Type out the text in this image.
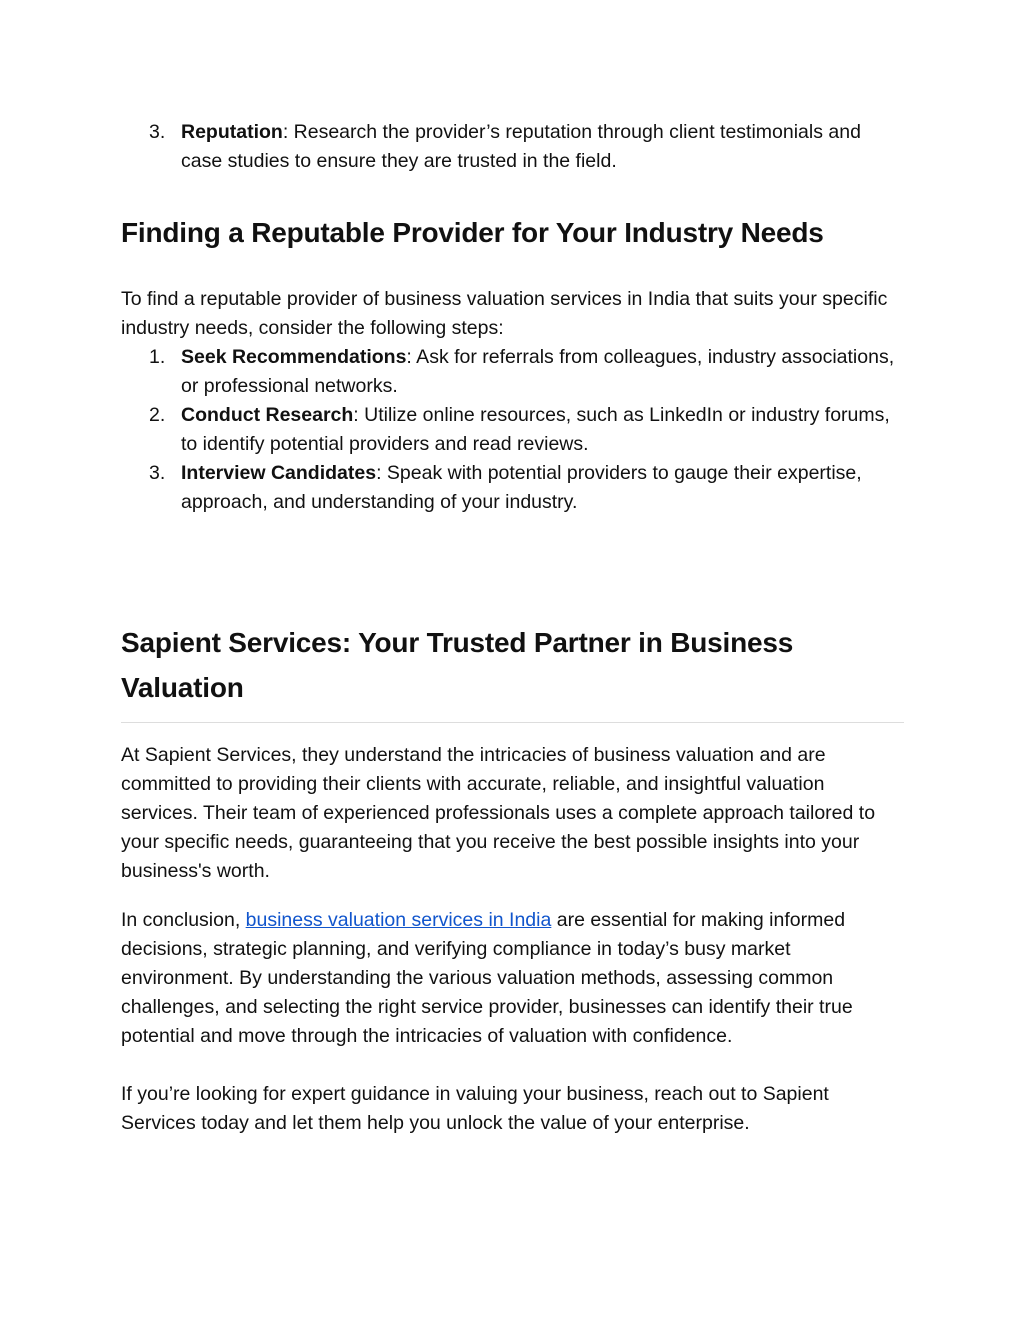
3. Reputation: Research the provider’s reputation through client testimonials and case studies to ensure they are trusted in the field.
Finding a Reputable Provider for Your Industry Needs

To find a reputable provider of business valuation services in India that suits your specific industry needs, consider the following steps:

1. Seek Recommendations: Ask for referrals from colleagues, industry associations, or professional networks.
2. Conduct Research: Utilize online resources, such as LinkedIn or industry forums, to identify potential providers and read reviews.
3. Interview Candidates: Speak with potential providers to gauge their expertise, approach, and understanding of your industry.
Sapient Services: Your Trusted Partner in Business Valuation

At Sapient Services, they understand the intricacies of business valuation and are committed to providing their clients with accurate, reliable, and insightful valuation services. Their team of experienced professionals uses a complete approach tailored to your specific needs, guaranteeing that you receive the best possible insights into your business's worth.

In conclusion, business valuation services in India are essential for making informed decisions, strategic planning, and verifying compliance in today’s busy market environment. By understanding the various valuation methods, assessing common challenges, and selecting the right service provider, businesses can identify their true potential and move through the intricacies of valuation with confidence.

If you’re looking for expert guidance in valuing your business, reach out to Sapient Services today and let them help you unlock the value of your enterprise.
